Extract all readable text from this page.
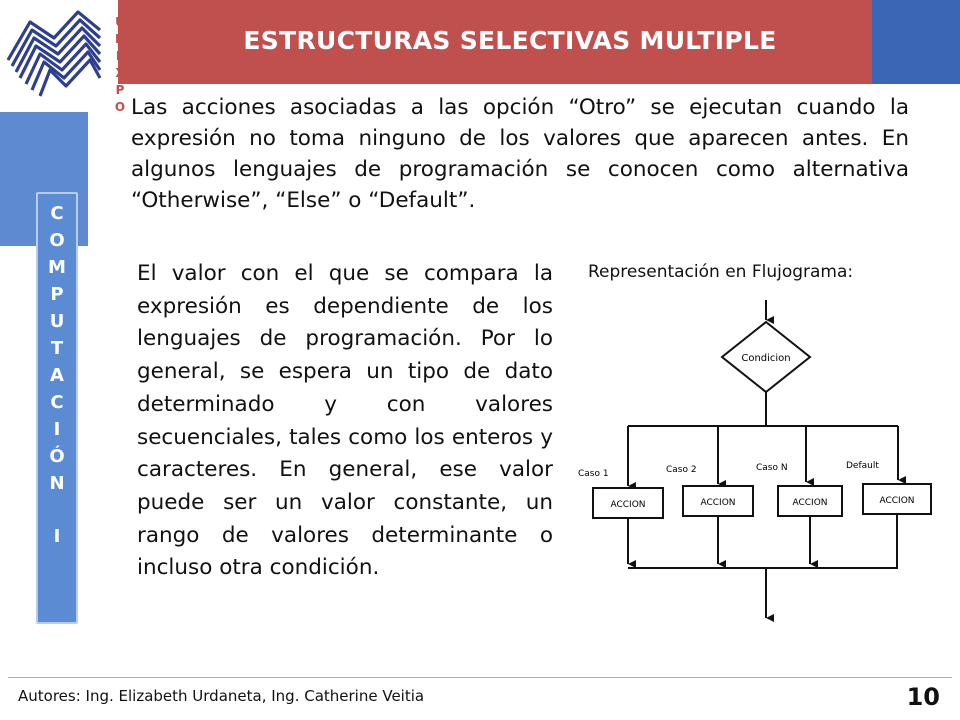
U
N
E
X
P
O
ESTRUCTURAS SELECTIVAS MULTIPLE
C
O
M
P
U
T
A
C
I
Ó
N
I
Las acciones asociadas a las opción “Otro” se ejecutan cuando la expresión no toma ninguno de los valores que aparecen antes. En algunos lenguajes de programación se conocen como alternativa “Otherwise”, “Else” o “Default”.
El valor con el que se compara la expresión es dependiente de los lenguajes de programación. Por lo general, se espera un tipo de dato determinado y con valores secuenciales, tales como los enteros y caracteres. En general, ese valor puede ser un valor constante, un rango de valores determinante o incluso otra condición.
Representación en Flujograma:
Condicion
Caso 1	Caso 2	Caso N	Default
ACCION	ACCION	ACCION	ACCION
Autores: Ing. Elizabeth Urdaneta, Ing. Catherine Veitia	10
